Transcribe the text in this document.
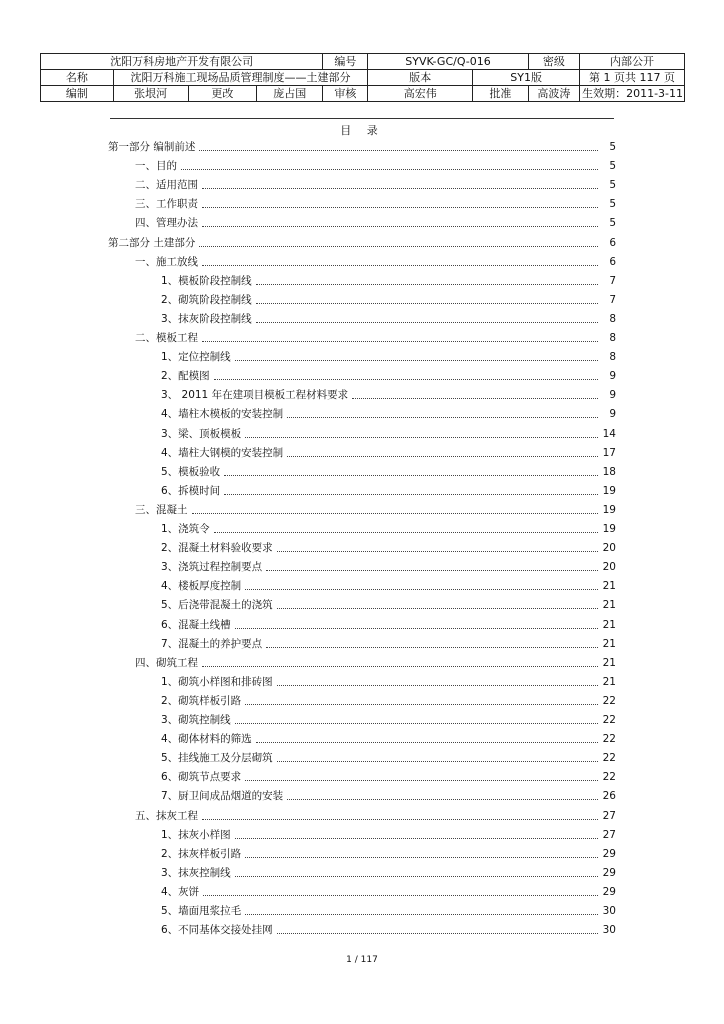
沈阳万科房地产开发有限公司				编号	SYVK-GC/Q-016		密级	内部公开
名称	沈阳万科施工现场品质管理制度——土建部分				版本	SY1版		第 1 页共 117 页
编制	张垠河	更改	庞占国	审核	高宏伟	批准	高波涛	生效期：2011-3-11
目 录
第一部分 编制前述	5
一、目的	5
二、适用范围	5
三、工作职责	5
四、管理办法	5
第二部分 土建部分	6
一、施工放线	6
1、模板阶段控制线	7
2、砌筑阶段控制线	7
3、抹灰阶段控制线	8
二、模板工程	8
1、定位控制线	8
2、配模图	9
3、 2011 年在建项目模板工程材料要求	9
4、墙柱木模板的安装控制	9
3、梁、顶板模板	14
4、墙柱大钢模的安装控制	17
5、模板验收	18
6、拆模时间	19
三、混凝土	19
1、浇筑令	19
2、混凝土材料验收要求	20
3、浇筑过程控制要点	20
4、楼板厚度控制	21
5、后浇带混凝土的浇筑	21
6、混凝土线槽	21
7、混凝土的养护要点	21
四、砌筑工程	21
1、砌筑小样图和排砖图	21
2、砌筑样板引路	22
3、砌筑控制线	22
4、砌体材料的筛选	22
5、挂线施工及分层砌筑	22
6、砌筑节点要求	22
7、厨卫间成品烟道的安装	26
五、抹灰工程	27
1、抹灰小样图	27
2、抹灰样板引路	29
3、抹灰控制线	29
4、灰饼	29
5、墙面甩浆拉毛	30
6、不同基体交接处挂网	30
1 / 117
